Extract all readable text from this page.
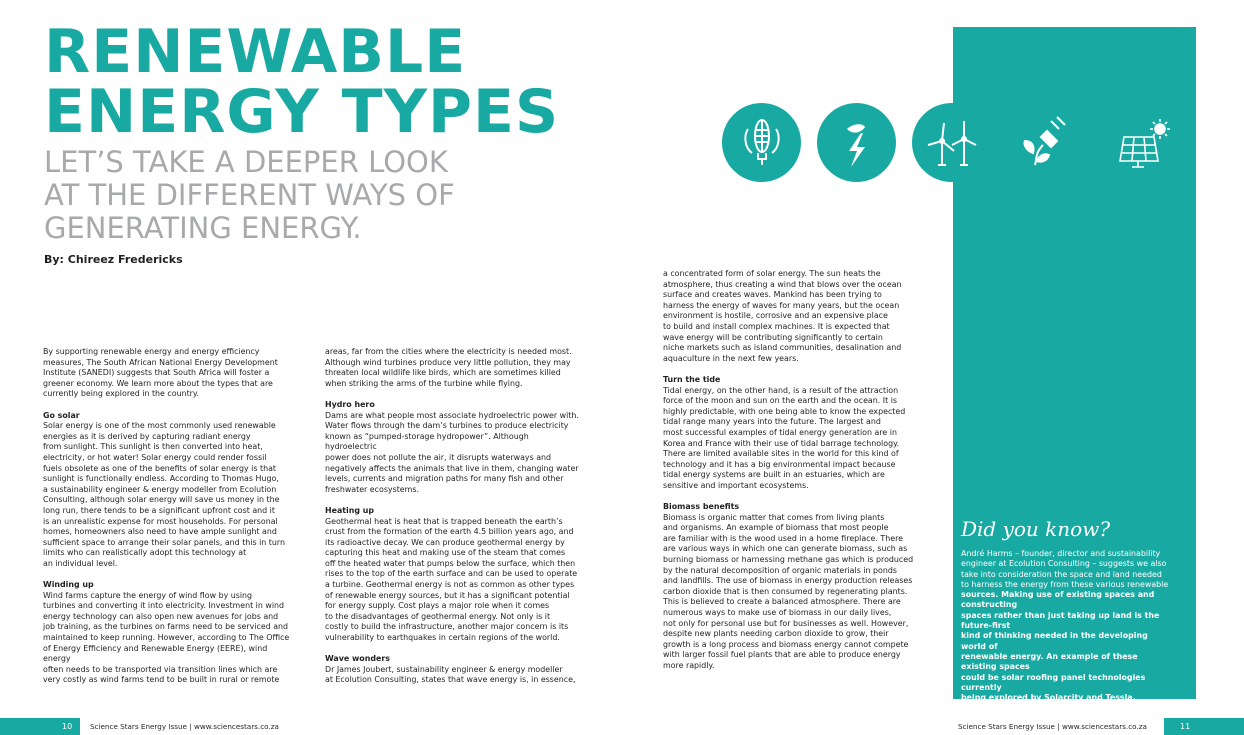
RENEWABLE
ENERGY TYPES
LET’S TAKE A DEEPER LOOK
AT THE DIFFERENT WAYS OF
GENERATING ENERGY.
By: Chireez Fredericks

By supporting renewable energy and energy efficiency

measures, The South African National Energy Development

Institute (SANEDI) suggests that South Africa will foster a

greener economy. We learn more about the types that are

currently being explored in the country.

Go solar

Solar energy is one of the most commonly used renewable

energies as it is derived by capturing radiant energy

from sunlight. This sunlight is then converted into heat,

electricity, or hot water! Solar energy could render fossil

fuels obsolete as one of the benefits of solar energy is that

sunlight is functionally endless. According to Thomas Hugo,

a sustainability engineer & energy modeller from Ecolution

Consulting, although solar energy will save us money in the

long run, there tends to be a significant upfront cost and it

is an unrealistic expense for most households. For personal

homes, homeowners also need to have ample sunlight and

sufficient space to arrange their solar panels, and this in turn

limits who can realistically adopt this technology at

an individual level.

Winding up

Wind farms capture the energy of wind flow by using

turbines and converting it into electricity. Investment in wind

energy technology can also open new avenues for jobs and

job training, as the turbines on farms need to be serviced and

maintained to keep running. However, according to The Office

of Energy Efficiency and Renewable Energy (EERE), wind energy

often needs to be transported via transition lines which are

very costly as wind farms tend to be built in rural or remote

areas, far from the cities where the electricity is needed most.

Although wind turbines produce very little pollution, they may

threaten local wildlife like birds, which are sometimes killed

when striking the arms of the turbine while flying.

Hydro hero

Dams are what people most associate hydroelectric power with.

Water flows through the dam’s turbines to produce electricity

known as “pumped-storage hydropower”. Although hydroelectric

power does not pollute the air, it disrupts waterways and

negatively affects the animals that live in them, changing water

levels, currents and migration paths for many fish and other

freshwater ecosystems.

Heating up

Geothermal heat is heat that is trapped beneath the earth’s

crust from the formation of the earth 4.5 billion years ago, and

its radioactive decay. We can produce geothermal energy by

capturing this heat and making use of the steam that comes

off the heated water that pumps below the surface, which then

rises to the top of the earth surface and can be used to operate

a turbine. Geothermal energy is not as common as other types

of renewable energy sources, but it has a significant potential

for energy supply. Cost plays a major role when it comes

to the disadvantages of geothermal energy. Not only is it

costly to build the infrastructure, another major concern is its

vulnerability to earthquakes in certain regions of the world.

Wave wonders

Dr James Joubert, sustainability engineer & energy modeller

at Ecolution Consulting, states that wave energy is, in essence,

a concentrated form of solar energy. The sun heats the

atmosphere, thus creating a wind that blows over the ocean

surface and creates waves. Mankind has been trying to

harness the energy of waves for many years, but the ocean

environment is hostile, corrosive and an expensive place

to build and install complex machines. It is expected that

wave energy will be contributing significantly to certain

niche markets such as island communities, desalination and

aquaculture in the next few years.

Turn the tide

Tidal energy, on the other hand, is a result of the attraction

force of the moon and sun on the earth and the ocean. It is

highly predictable, with one being able to know the expected

tidal range many years into the future. The largest and

most successful examples of tidal energy generation are in

Korea and France with their use of tidal barrage technology.

There are limited available sites in the world for this kind of

technology and it has a big environmental impact because

tidal energy systems are built in an estuaries, which are

sensitive and important ecosystems.

Biomass benefits

Biomass is organic matter that comes from living plants

and organisms. An example of biomass that most people

are familiar with is the wood used in a home fireplace. There

are various ways in which one can generate biomass, such as

burning biomass or harnessing methane gas which is produced

by the natural decomposition of organic materials in ponds

and landfills. The use of biomass in energy production releases

carbon dioxide that is then consumed by regenerating plants.

This is believed to create a balanced atmosphere. There are

numerous ways to make use of biomass in our daily lives,

not only for personal use but for businesses as well. However,

despite new plants needing carbon dioxide to grow, their

growth is a long process and biomass energy cannot compete

with larger fossil fuel plants that are able to produce energy

more rapidly.

Did you know?
André Harms – founder, director and sustainability
engineer at Ecolution Consulting – suggests we also
take into consideration the space and land needed
to harness the energy from these various renewable
sources. Making use of existing spaces and constructing
spaces rather than just taking up land is the future-first
kind of thinking needed in the developing world of
renewable energy. An example of these existing spaces
could be solar roofing panel technologies currently
being explored by Solarcity and Tessla.
10 Science Stars Energy Issue | www.sciencestars.co.za	Science Stars Energy Issue | www.sciencestars.co.za	11
